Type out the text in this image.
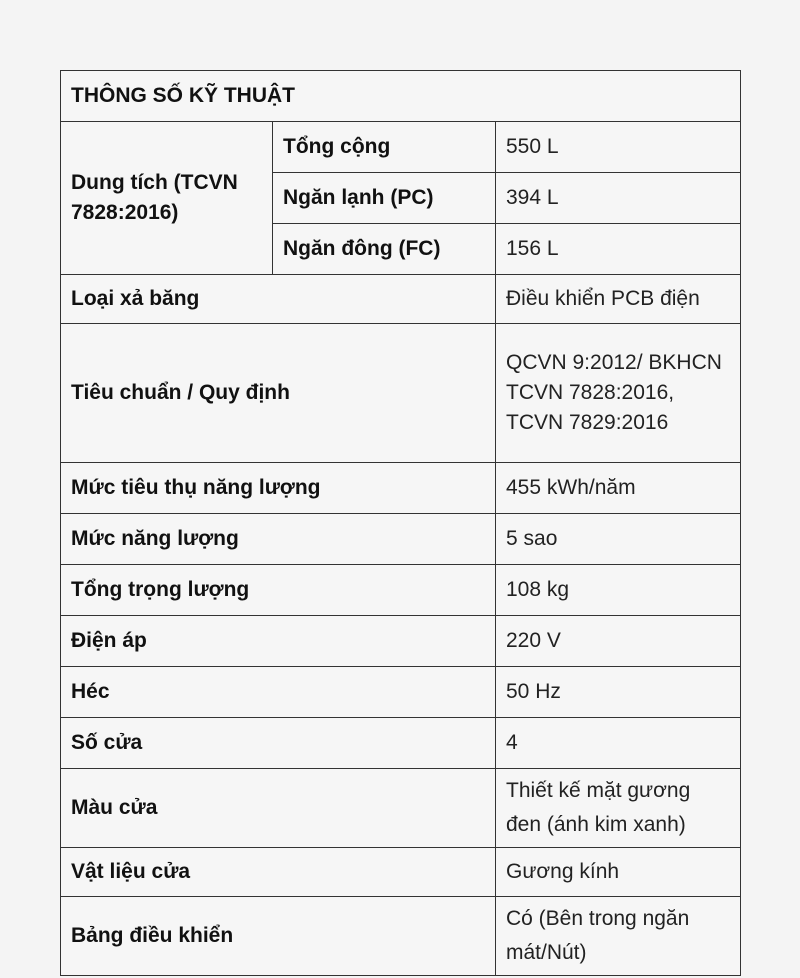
THÔNG SỐ KỸ THUẬT		
Dung tích (TCVN 7828:2016)	Tổng cộng	550 L
	Ngăn lạnh (PC)	394 L
	Ngăn đông (FC)	156 L
Loại xả băng		Điều khiển PCB điện
Tiêu chuẩn / Quy định		QCVN 9:2012/ BKHCN TCVN 7828:2016, TCVN 7829:2016
Mức tiêu thụ năng lượng		455 kWh/năm
Mức năng lượng		5 sao
Tổng trọng lượng		108 kg
Điện áp		220 V
Héc		50 Hz
Số cửa		4
Màu cửa		Thiết kế mặt gương đen (ánh kim xanh)
Vật liệu cửa		Gương kính
Bảng điều khiển		Có (Bên trong ngăn mát/Nút)
